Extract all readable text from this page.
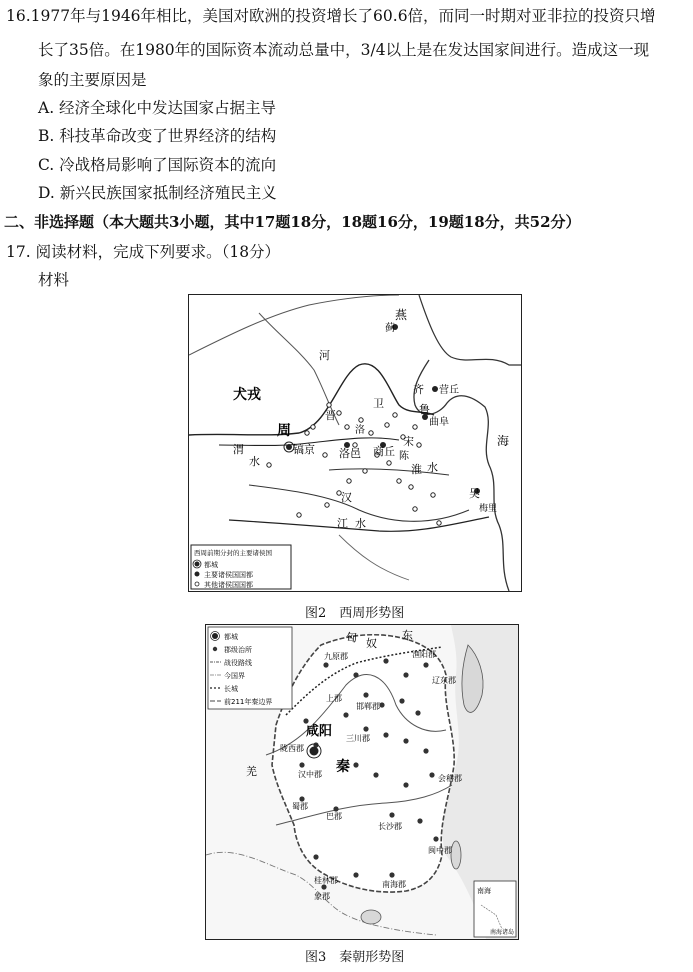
16.1977年与1946年相比，美国对欧洲的投资增长了60.6倍，而同一时期对亚非拉的投资只增
长了35倍。在1980年的国际资本流动总量中，3/4以上是在发达国家间进行。造成这一现
象的主要原因是
A. 经济全球化中发达国家占据主导
B. 科技革命改变了世界经济的结构
C. 冷战格局影响了国际资本的流向
D. 新兴民族国家抵制经济殖民主义
二、非选择题（本大题共3小题，其中17题18分，18题16分，19题18分，共52分）
17. 阅读材料，完成下列要求。（18分）
材料
燕
蓟
犬戎
周
镐京
齐 营丘
鲁
曲阜
卫
晋
宋
商丘
洛邑
海
吴
梅里
河
渭
水
汉
江 水
淮 水
陈
洛
西周前期分封的主要诸侯国
都城
主要诸侯国国都
其他诸侯国国都
图2　西周形势图
咸阳
秦
匈 奴
东
九原郡
上郡
陇西郡
汉中郡
蜀郡
巴郡
长沙郡
南海郡
桂林郡
象郡
闽中郡
会稽郡
邯郸郡
三川郡
渔阳郡
辽东郡
羌
都城
郡级治所
战役路线
今国界
长城
前211年秦边界
南海
南海诸岛
图3　秦朝形势图
